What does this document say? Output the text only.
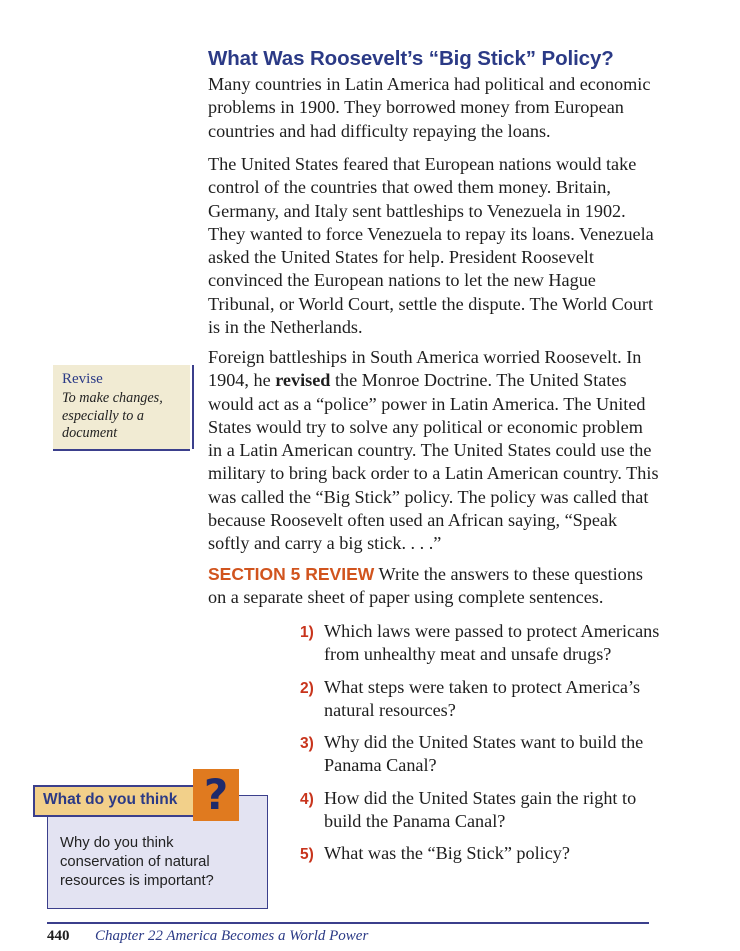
What Was Roosevelt’s “Big Stick” Policy?

Many countries in Latin America had political and economic problems in 1900. They borrowed money from European countries and had difficulty repaying the loans.

The United States feared that European nations would take control of the countries that owed them money. Britain, Germany, and Italy sent battleships to Venezuela in 1902. They wanted to force Venezuela to repay its loans. Venezuela asked the United States for help. President Roosevelt convinced the European nations to let the new Hague Tribunal, or World Court, settle the dispute. The World Court is in the Netherlands.

Foreign battleships in South America worried Roosevelt. In 1904, he revised the Monroe Doctrine. The United States would act as a “police” power in Latin America. The United States would try to solve any political or economic problem in a Latin American country. The United States could use the military to bring back order to a Latin American country. This was called the “Big Stick” policy. The policy was called that because Roosevelt often used an African saying, “Speak softly and carry a big stick. . . .”

Revise
To make changes, especially to a document

SECTION 5 REVIEW Write the answers to these questions on a separate sheet of paper using complete sentences.

1) Which laws were passed to protect Americans from unhealthy meat and unsafe drugs?
2) What steps were taken to protect America’s natural resources?
3) Why did the United States want to build the Panama Canal?
4) How did the United States gain the right to build the Panama Canal?
5) What was the “Big Stick” policy?
Why do you think conservation of natural resources is important?
What do you think ?
440 Chapter 22 America Becomes a World Power
